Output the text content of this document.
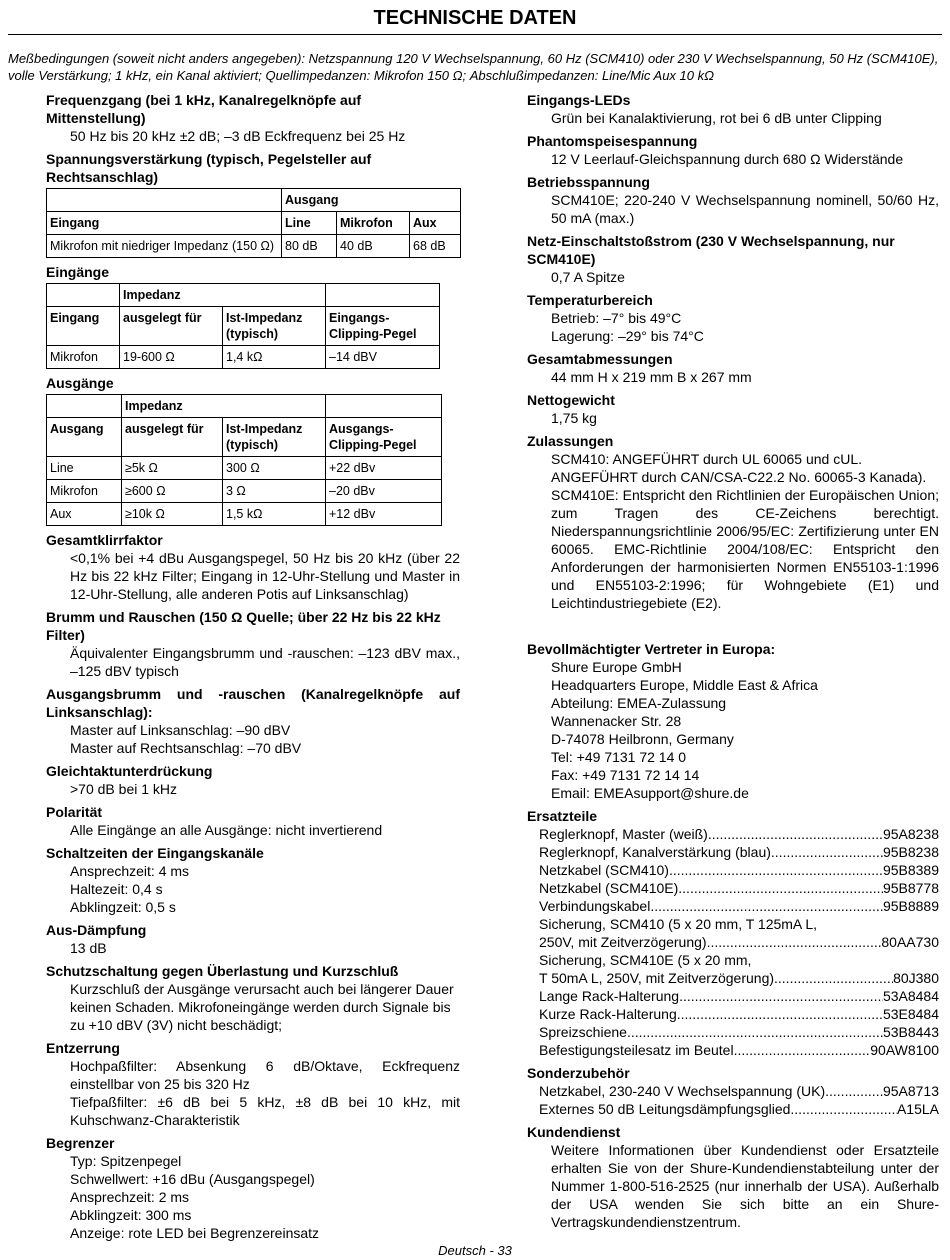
TECHNISCHE DATEN
Meßbedingungen (soweit nicht anders angegeben): Netzspannung 120 V Wechselspannung, 60 Hz (SCM410) oder 230 V Wechselspannung, 50 Hz (SCM410E), volle Verstärkung; 1 kHz, ein Kanal aktiviert; Quellimpedanzen: Mikrofon 150 Ω; Abschlußimpedanzen: Line/Mic Aux 10 kΩ
Frequenzgang (bei 1 kHz, Kanalregelknöpfe auf Mittenstellung)
50 Hz bis 20 kHz ±2 dB; –3 dB Eckfrequenz bei 25 Hz
Spannungsverstärkung (typisch, Pegelsteller auf Rechtsanschlag)
	Ausgang		
Eingang	Line	Mikrofon	Aux
Mikrofon mit niedriger Impedanz (150 Ω)	80 dB	40 dB	68 dB
Eingänge
	Impedanz		
Eingang	ausgelegt für	Ist-Impedanz (typisch)	Eingangs-Clipping-Pegel
Mikrofon	19-600 Ω	1,4 kΩ	–14 dBV
Ausgänge
	Impedanz		
Ausgang	ausgelegt für	Ist-Impedanz (typisch)	Ausgangs-Clipping-Pegel
Line	≥5k Ω	300 Ω	+22 dBv
Mikrofon	≥600 Ω	3 Ω	–20 dBv
Aux	≥10k Ω	1,5 kΩ	+12 dBv
Gesamtklirrfaktor
<0,1% bei +4 dBu Ausgangspegel, 50 Hz bis 20 kHz (über 22 Hz bis 22 kHz Filter; Eingang in 12-Uhr-Stellung und Master in 12-Uhr-Stellung, alle anderen Potis auf Linksanschlag)
Brumm und Rauschen (150 Ω Quelle; über 22 Hz bis 22 kHz Filter)
Äquivalenter Eingangsbrumm und -rauschen: –123 dBV max., –125 dBV typisch
Ausgangsbrumm und -rauschen (Kanalregelknöpfe auf Linksanschlag):

Master auf Linksanschlag: –90 dBV

Master auf Rechtsanschlag: –70 dBV

Gleichtaktunterdrückung
>70 dB bei 1 kHz
Polarität
Alle Eingänge an alle Ausgänge: nicht invertierend
Schaltzeiten der Eingangskanäle

Ansprechzeit: 4 ms

Haltezeit: 0,4 s

Abklingzeit: 0,5 s

Aus-Dämpfung
13 dB
Schutzschaltung gegen Überlastung und Kurzschluß
Kurzschluß der Ausgänge verursacht auch bei längerer Dauer keinen Schaden. Mikrofoneingänge werden durch Signale bis zu +10 dBV (3V) nicht beschädigt;
Entzerrung

Hochpaßfilter: Absenkung 6 dB/Oktave, Eckfrequenz einstellbar von 25 bis 320 Hz

Tiefpaßfilter: ±6 dB bei 5 kHz, ±8 dB bei 10 kHz, mit Kuhschwanz-Charakteristik

Begrenzer

Typ: Spitzenpegel

Schwellwert: +16 dBu (Ausgangspegel)

Ansprechzeit: 2 ms

Abklingzeit: 300 ms

Anzeige: rote LED bei Begrenzereinsatz

Eingangs-LEDs
Grün bei Kanalaktivierung, rot bei 6 dB unter Clipping
Phantomspeisespannung
12 V Leerlauf-Gleichspannung durch 680 Ω Widerstände
Betriebsspannung
SCM410E; 220-240 V Wechselspannung nominell, 50/60 Hz, 50 mA (max.)
Netz-Einschaltstoßstrom (230 V Wechselspannung, nur SCM410E)
0,7 A Spitze
Temperaturbereich

Betrieb: –7° bis 49°C

Lagerung: –29° bis 74°C

Gesamtabmessungen
44 mm H x 219 mm B x 267 mm
Nettogewicht
1,75 kg
Zulassungen

SCM410: ANGEFÜHRT durch UL 60065 und cUL. ANGEFÜHRT durch CAN/CSA-C22.2 No. 60065-3 Kanada).

SCM410E: Entspricht den Richtlinien der Europäischen Union; zum Tragen des CE-Zeichens berechtigt. Niederspannungsrichtlinie 2006/95/EC: Zertifizierung unter EN 60065. EMC-Richtlinie 2004/108/EC: Entspricht den Anforderungen der harmonisierten Normen EN55103-1:1996 und EN55103-2:1996; für Wohngebiete (E1) und Leichtindustriegebiete (E2).

Bevollmächtigter Vertreter in Europa:

Shure Europe GmbH

Headquarters Europe, Middle East & Africa

Abteilung: EMEA-Zulassung

Wannenacker Str. 28

D-74078 Heilbronn, Germany

Tel: +49 7131 72 14 0

Fax: +49 7131 72 14 14

Email: EMEAsupport@shure.de

Ersatzteile
Reglerknopf, Master (weiß) .....	95A8238
Reglerknopf, Kanalverstärkung (blau) .....	95B8238
Netzkabel (SCM410) .....	95B8389
Netzkabel (SCM410E) .....	95B8778
Verbindungskabel .....	95B8889
Sicherung, SCM410 (5 x 20 mm, T 125mA L,
250V, mit Zeitverzögerung) .....	80AA730
Sicherung, SCM410E (5 x 20 mm,
T 50mA L, 250V, mit Zeitverzögerung) .....	80J380
Lange Rack-Halterung .....	53A8484
Kurze Rack-Halterung .....	53E8484
Spreizschiene .....	53B8443
Befestigungsteilesatz im Beutel .....	90AW8100
Sonderzubehör
Netzkabel, 230-240 V Wechselspannung (UK) .....	95A8713
Externes 50 dB Leitungsdämpfungsglied .....	A15LA
Kundendienst
Weitere Informationen über Kundendienst oder Ersatzteile erhalten Sie von der Shure-Kundendienstabteilung unter der Nummer 1-800-516-2525 (nur innerhalb der USA). Außerhalb der USA wenden Sie sich bitte an ein Shure-Vertragskundendienstzentrum.
Deutsch - 33
